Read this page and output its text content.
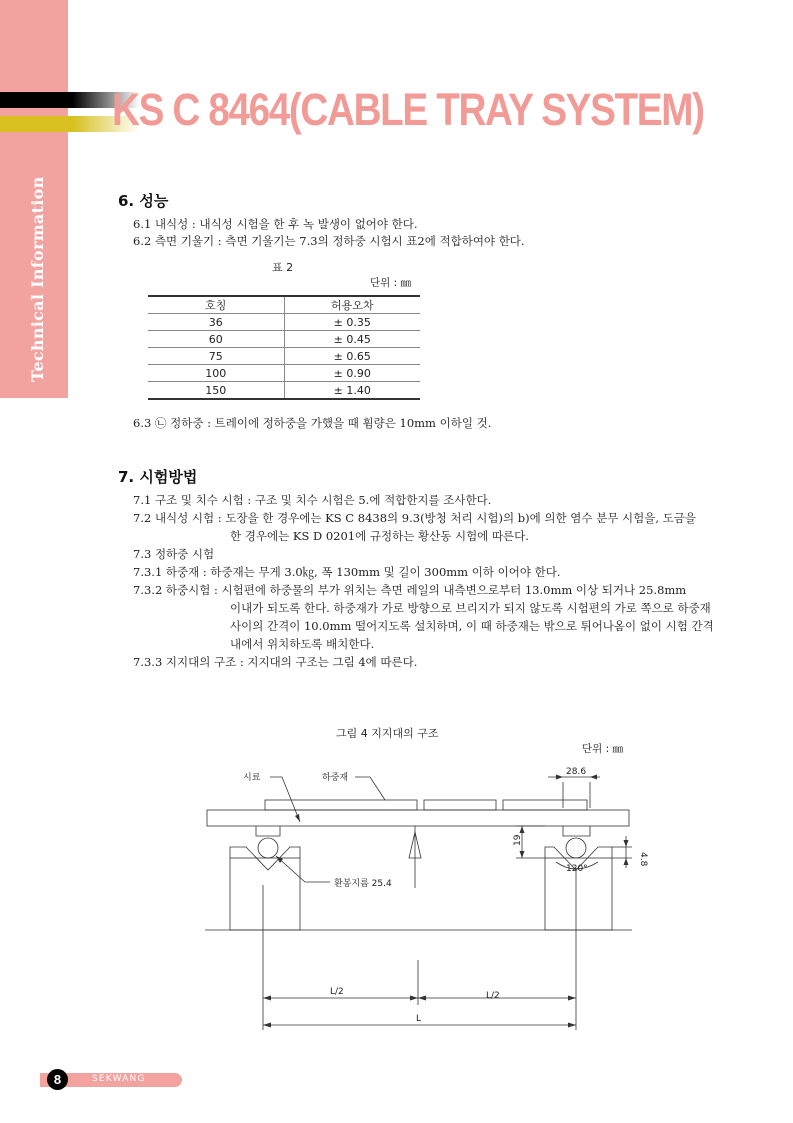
Technical Information
KS C 8464(CABLE TRAY SYSTEM)
6. 성능
6.1 내식성 : 내식성 시험을 한 후 녹 발생이 없어야 한다.
6.2 측면 기울기 : 측면 기울기는 7.3의 정하중 시험시 표2에 적합하여야 한다.
표 2
단위 : ㎜
호칭	허용오차
36	± 0.35
60	± 0.45
75	± 0.65
100	± 0.90
150	± 1.40
6.3 ㉡ 정하중 : 트레이에 정하중을 가했을 때 휨량은 10mm 이하일 것.
7. 시험방법
7.1 구조 및 치수 시험 : 구조 및 치수 시험은 5.에 적합한지를 조사한다.
7.2 내식성 시험 : 도장을 한 경우에는 KS C 8438의 9.3(방청 처리 시험)의 b)에 의한 염수 분무 시험을, 도금을
한 경우에는 KS D 0201에 규정하는 황산동 시험에 따른다.
7.3 정하중 시험
7.3.1 하중재 : 하중재는 무게 3.0㎏, 폭 130mm 및 길이 300mm 이하 이어야 한다.
7.3.2 하중시험 : 시험편에 하중물의 부가 위치는 측면 레일의 내측변으로부터 13.0mm 이상 되거나 25.8mm
이내가 되도록 한다. 하중재가 가로 방향으로 브리지가 되지 않도록 시험편의 가로 쪽으로 하중재
사이의 간격이 10.0mm 떨어지도록 설치하며, 이 때 하중재는 밖으로 튀어나옴이 없이 시험 간격
내에서 위치하도록 배치한다.
7.3.3 지지대의 구조 : 지지대의 구조는 그림 4에 따른다.
그림 4 지지대의 구조
단위 : ㎜
시료	하중재
28.6
19
4.8
120°
환봉지름 25.4
L/2	L/2
L
8	SEKWANG
